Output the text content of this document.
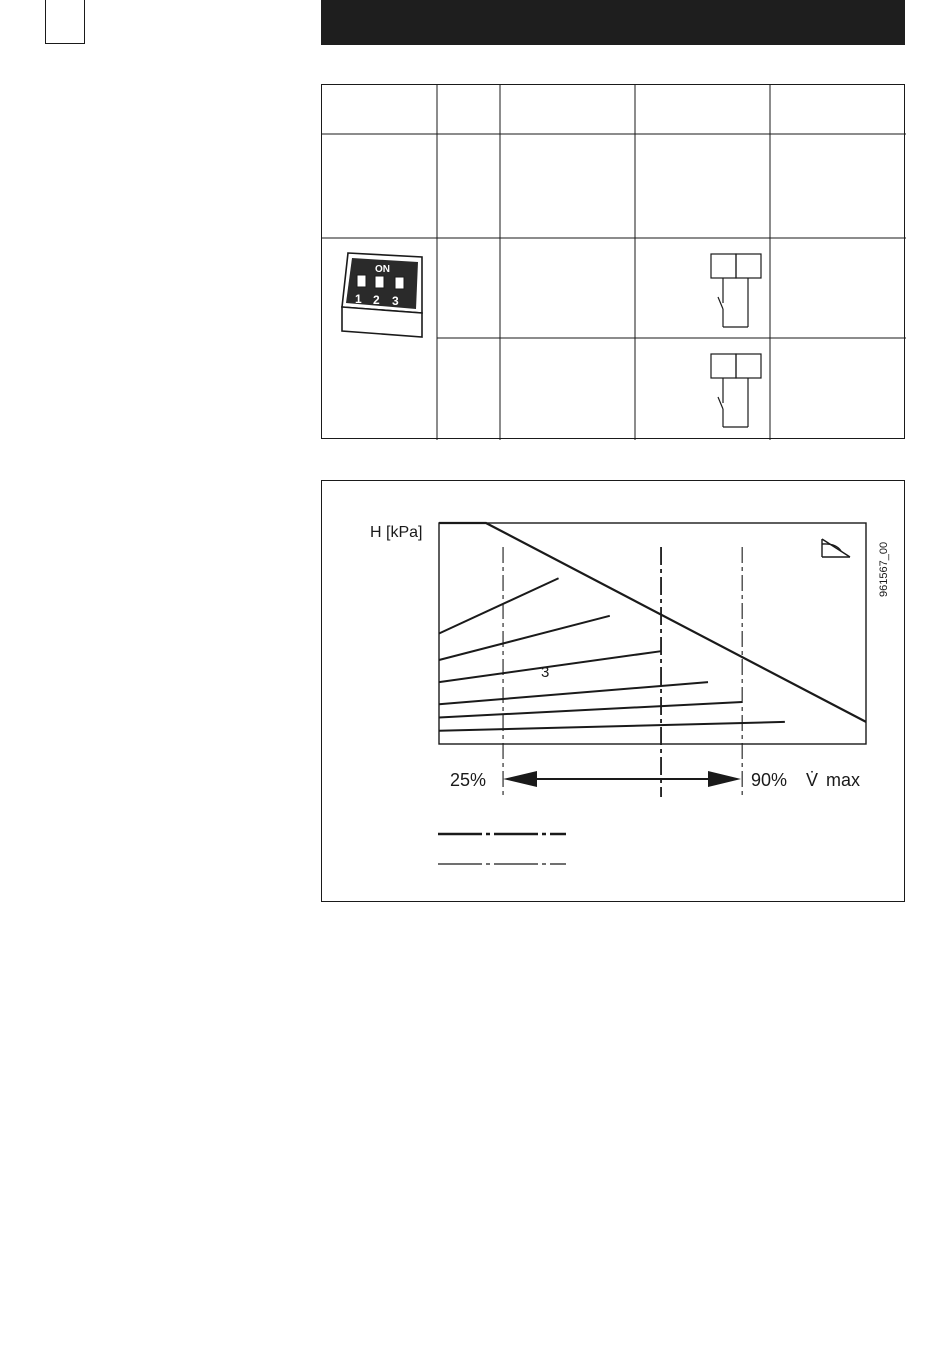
ON
1 2 3
H [kPa]
961567_00
3
25%	90% V̇ max
